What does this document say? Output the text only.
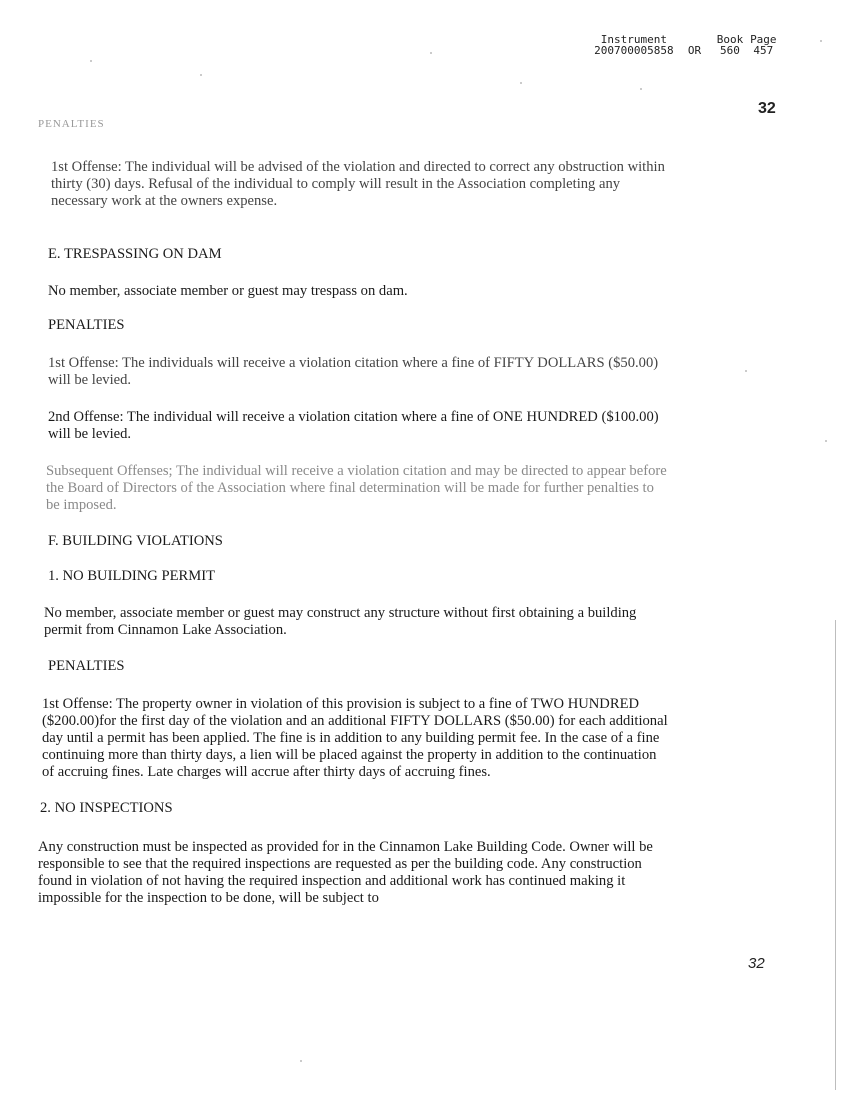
Instrument	Book Page
200700005858	OR	560	457
32

PENALTIES

1st Offense: The individual will be advised of the violation and directed to correct any obstruction within thirty (30) days. Refusal of the individual to comply will result in the Association completing any necessary work at the owners expense.

E. TRESPASSING ON DAM

No member, associate member or guest may trespass on dam.

PENALTIES

1st Offense: The individuals will receive a violation citation where a fine of FIFTY DOLLARS ($50.00) will be levied.

2nd Offense: The individual will receive a violation citation where a fine of ONE HUNDRED ($100.00) will be levied.

Subsequent Offenses; The individual will receive a violation citation and may be directed to appear before the Board of Directors of the Association where final determination will be made for further penalties to be imposed.

F. BUILDING VIOLATIONS

1. NO BUILDING PERMIT

No member, associate member or guest may construct any structure without first obtaining a building permit from Cinnamon Lake Association.

PENALTIES

1st Offense: The property owner in violation of this provision is subject to a fine of TWO HUNDRED ($200.00)for the first day of the violation and an additional FIFTY DOLLARS ($50.00) for each additional day until a permit has been applied. The fine is in addition to any building permit fee. In the case of a fine continuing more than thirty days, a lien will be placed against the property in addition to the continuation of accruing fines. Late charges will accrue after thirty days of accruing fines.

2. NO INSPECTIONS

Any construction must be inspected as provided for in the Cinnamon Lake Building Code. Owner will be responsible to see that the required inspections are requested as per the building code. Any construction found in violation of not having the required inspection and additional work has continued making it impossible for the inspection to be done, will be subject to

32
